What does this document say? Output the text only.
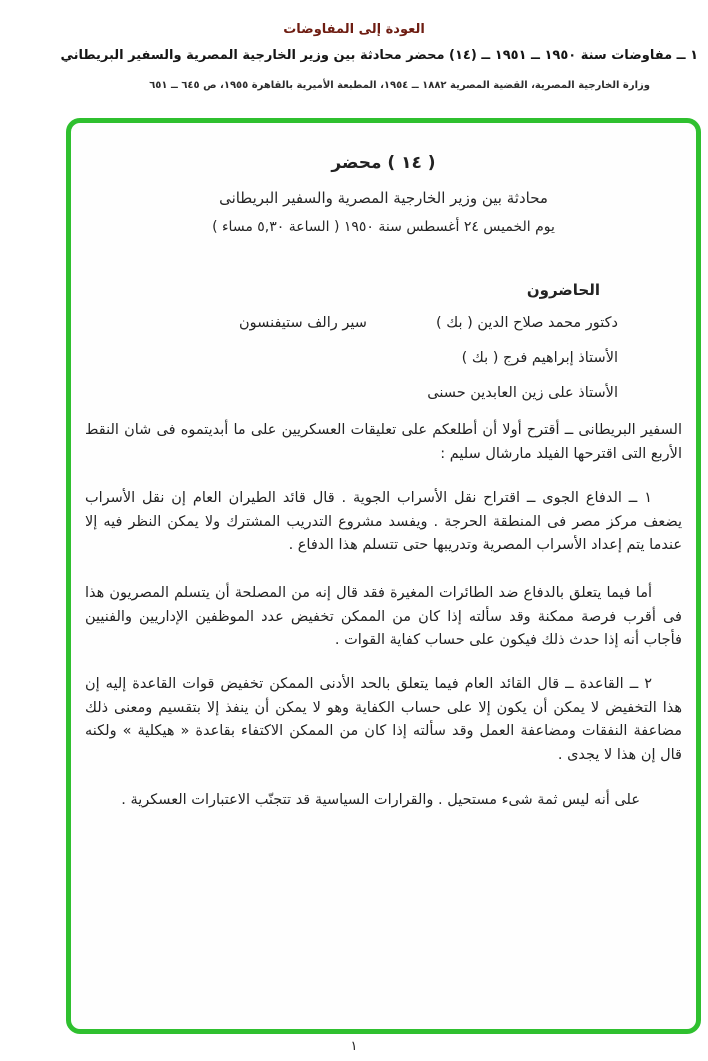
العودة إلى المفاوضات
١ ــ مفاوضات سنة ١٩٥٠ ــ ١٩٥١ ــ (١٤) محضر محادثة بين وزير الخارجية المصرية والسفير البريطاني
وزارة الخارجية المصرية، القضية المصرية ١٨٨٢ ــ ١٩٥٤، المطبعة الأميرية بالقاهرة ١٩٥٥، ص ٦٤٥ ــ ٦٥١
( ١٤ ) محضر
محادثة بين وزير الخارجية المصرية والسفير البريطانى
يوم الخميس ٢٤ أغسطس سنة ١٩٥٠ ( الساعة ٥,٣٠ مساء )
الحاضرون
دكتور محمد صلاح الدين ( بك )
سير رالف ستيفنسون
الأستاذ إبراهيم فرج ( بك )
الأستاذ على زين العابدين حسنى
السفير البريطانى ــ أقترح أولا أن أطلعكم على تعليقات العسكريين على ما أبديتموه فى شان النقط الأربع التى اقترحها الفيلد مارشال سليم :
١ ــ الدفاع الجوى ــ اقتراح نقل الأسراب الجوية . قال قائد الطيران العام إن نقل الأسراب يضعف مركز مصر فى المنطقة الحرجة . ويفسد مشروع التدريب المشترك ولا يمكن النظر فيه إلا عندما يتم إعداد الأسراب المصرية وتدريبها حتى تتسلم هذا الدفاع .
أما فيما يتعلق بالدفاع ضد الطائرات المغيرة فقد قال إنه من المصلحة أن يتسلم المصريون هذا فى أقرب فرصة ممكنة وقد سألته إذا كان من الممكن تخفيض عدد الموظفين الإداريين والفنيين فأجاب أنه إذا حدث ذلك فيكون على حساب كفاية القوات .
٢ ــ القاعدة ــ قال القائد العام فيما يتعلق بالحد الأدنى الممكن تخفيض قوات القاعدة إليه إن هذا التخفيض لا يمكن أن يكون إلا على حساب الكفاية وهو لا يمكن أن ينفذ إلا بتقسيم ومعنى ذلك مضاعفة النفقات ومضاعفة العمل وقد سألته إذا كان من الممكن الاكتفاء بقاعدة « هيكلية » ولكنه قال إن هذا لا يجدى .
على أنه ليس ثمة شىء مستحيل . والقرارات السياسية قد تتجنّب الاعتبارات العسكرية .
١
